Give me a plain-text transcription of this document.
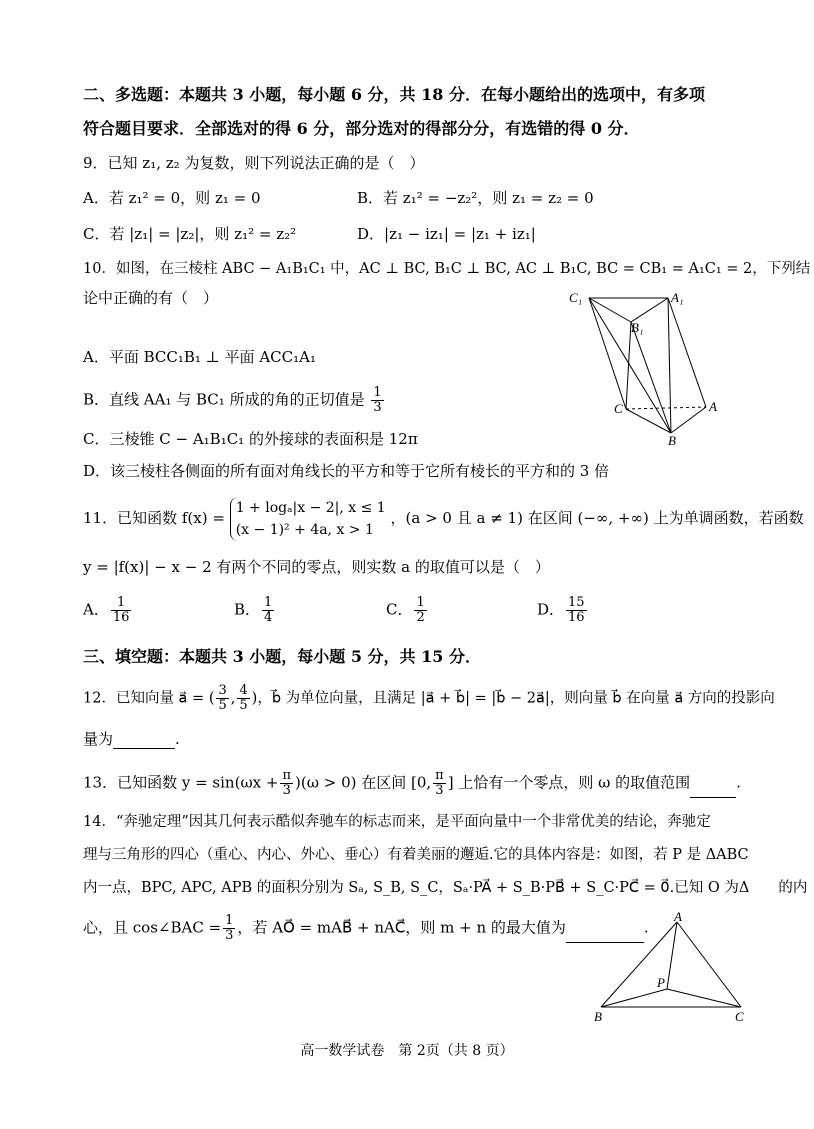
二、多选题：本题共 3 小题，每小题 6 分，共 18 分．在每小题给出的选项中，有多项
符合题目要求．全部选对的得 6 分，部分选对的得部分分，有选错的得 0 分．
9．已知 z₁, z₂ 为复数，则下列说法正确的是（　）
A．若 z₁² = 0，则 z₁ = 0	B．若 z₁² = −z₂²，则 z₁ = z₂ = 0
C．若 |z₁| = |z₂|，则 z₁² = z₂²	D．|z₁ − iz₁| = |z₁ + iz₁|
10．如图，在三棱柱 ABC − A₁B₁C₁ 中，AC ⊥ BC, B₁C ⊥ BC, AC ⊥ B₁C, BC = CB₁ = A₁C₁ = 2，下列结
论中正确的有（　）
A．平面 BCC₁B₁ ⊥ 平面 ACC₁A₁
B．直线 AA₁ 与 BC₁ 所成的角的正切值是 $\frac{1}{3}$
C．三棱锥 C − A₁B₁C₁ 的外接球的表面积是 12π
D．该三棱柱各侧面的所有面对角线长的平方和等于它所有棱长的平方和的 3 倍
C₁	A₁
B₁
C	A
B
11．已知函数 f(x) =
1 + logₐ|x − 2|, x ≤ 1
(x − 1)² + 4a, x > 1
，(a > 0 且 a ≠ 1) 在区间 (−∞, +∞) 上为单调函数，若函数
y = |f(x)| − x − 2 有两个不同的零点，则实数 a 的取值可以是（　）
A． $\frac{1}{16}$	B． $\frac{1}{4}$	C． $\frac{1}{2}$	D． $\frac{15}{16}$
三、填空题：本题共 3 小题，每小题 5 分，共 15 分．
12．已知向量 a⃗ = ( $\frac{3}{5}$ , $\frac{4}{5}$ )，b⃗ 为单位向量，且满足 |a⃗ + b⃗| = |b⃗ − 2a⃗|，则向量 b⃗ 在向量 a⃗ 方向的投影向
量为	.
13．已知函数 $y = \sin(\omega x + \frac{\pi}{3} )(\omega > 0)$ 在区间 [0, $\frac{\pi}{3}$ ] 上恰有一个零点，则 ω 的取值范围	.
14．“奔驰定理”因其几何表示酷似奔驰车的标志而来，是平面向量中一个非常优美的结论，奔驰定
理与三角形的四心（重心、内心、外心、垂心）有着美丽的邂逅.它的具体内容是：如图，若 P 是 ΔABC
内一点，BPC, APC, APB 的面积分别为 Sₐ, S_B, S_C，Sₐ·PA⃗ + S_B·PB⃗ + S_C·PC⃗ = 0⃗.已知 O 为Δ　　的内
心，且 cos∠BAC = $\frac{1}{3}$ ，若 AO⃗ = mAB⃗ + nAC⃗，则 m + n 的最大值为	.
A
P
B	C
高一数学试卷　第 2页（共 8 页）
